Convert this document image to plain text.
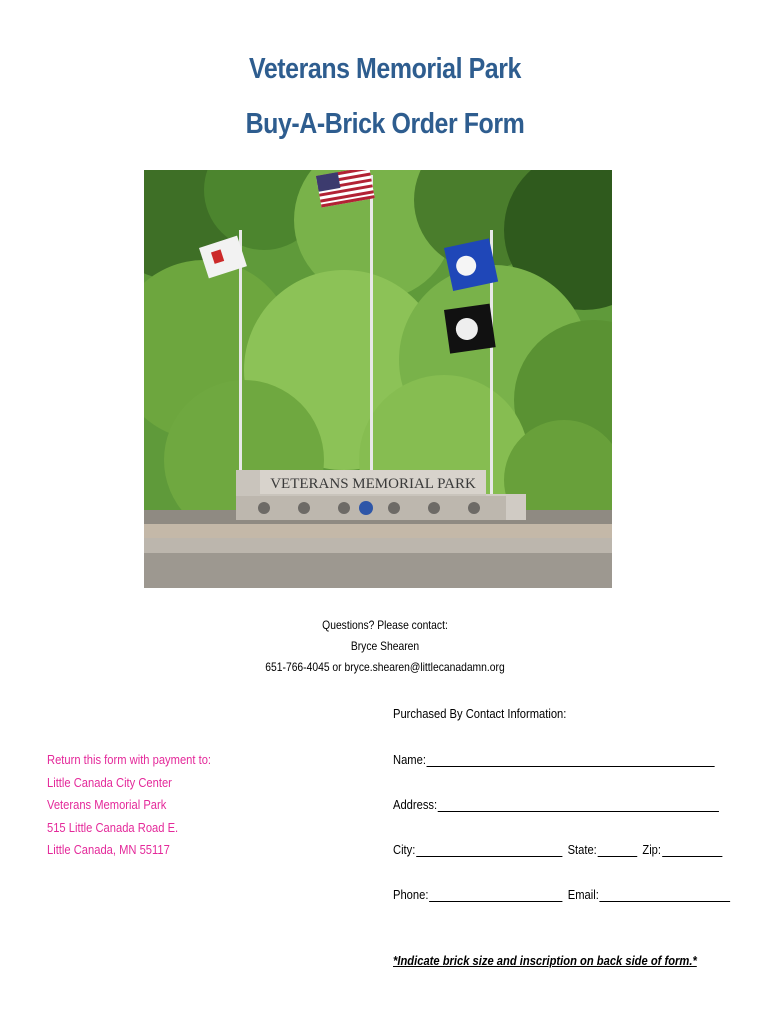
Veterans Memorial Park
Buy-A-Brick Order Form
VETERANS MEMORIAL PARK
Questions? Please contact:
Bryce Shearen
651-766-4045 or bryce.shearen@littlecanadamn.org
Purchased By Contact Information:
Return this form with payment to:
Little Canada City Center
Veterans Memorial Park
515 Little Canada Road E.
Little Canada, MN 55117
Name:
Address:
City:	State:	Zip:
Phone:	Email:
*Indicate brick size and inscription on back side of form.*
